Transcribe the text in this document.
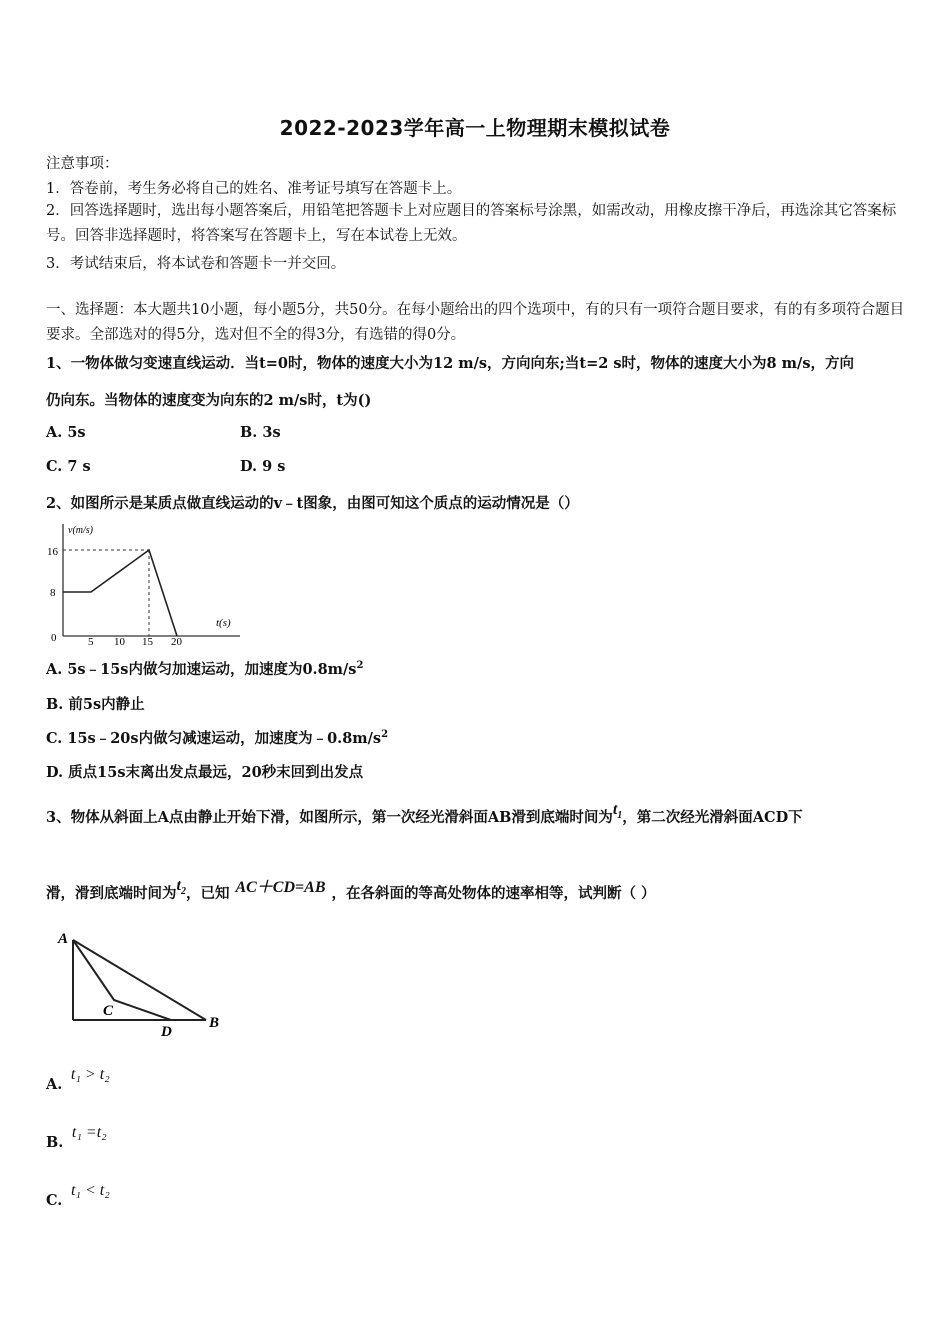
2022-2023学年高一上物理期末模拟试卷
注意事项：
1．答卷前，考生务必将自己的姓名、准考证号填写在答题卡上。
2．回答选择题时，选出每小题答案后，用铅笔把答题卡上对应题目的答案标号涂黑，如需改动，用橡皮擦干净后，再选涂其它答案标号。回答非选择题时，将答案写在答题卡上，写在本试卷上无效。
3．考试结束后，将本试卷和答题卡一并交回。
一、选择题：本大题共10小题，每小题5分，共50分。在每小题给出的四个选项中，有的只有一项符合题目要求，有的有多项符合题目要求。全部选对的得5分，选对但不全的得3分，有选错的得0分。
1、一物体做匀变速直线运动．当t=0时，物体的速度大小为12 m/s，方向向东;当t=2 s时，物体的速度大小为8 m/s，方向
仍向东。当物体的速度变为向东的2 m/s时，t为()
A. 5s	B. 3s
C. 7 s	D. 9 s
2、如图所示是某质点做直线运动的v﹣t图象，由图可知这个质点的运动情况是（）
v(m/s)
t(s)
16
8
0	5 10 15 20
A. 5s﹣15s内做匀加速运动，加速度为$0.8m/s^2$
B. 前5s内静止
C. 15s﹣20s内做匀减速运动，加速度为$﹣0.8m/s^2$
D. 质点15s末离出发点最远，20秒末回到出发点
3、物体从斜面上A点由静止开始下滑，如图所示，第一次经光滑斜面AB滑到底端时间为$t_1$，第二次经光滑斜面ACD下
滑，滑到底端时间为$t_2$，已知 AC＋CD=AB ，在各斜面的等高处物体的速率相等，试判断（ ）
A
C
D
B
A. t₁ > t₂
B. t₁ =t₂
C. t₁ < t₂
